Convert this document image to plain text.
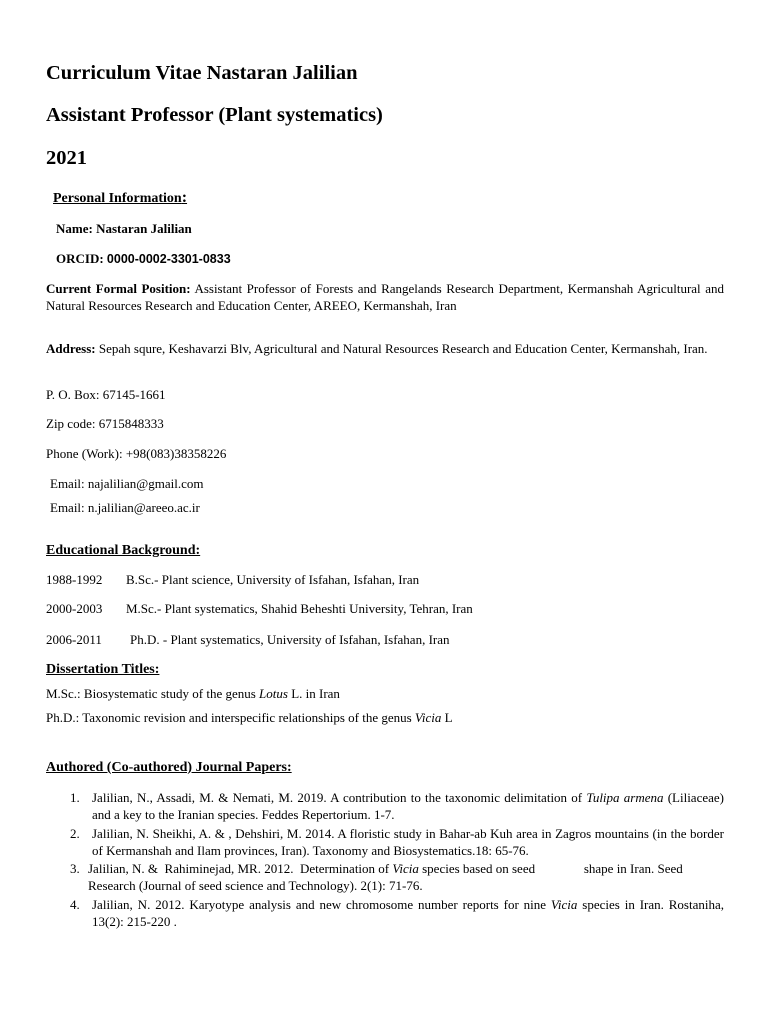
Curriculum Vitae Nastaran Jalilian
Assistant Professor (Plant systematics)
2021
Personal Information:
Name: Nastaran Jalilian
ORCID: 0000-0002-3301-0833
Current Formal Position: Assistant Professor of Forests and Rangelands Research Department, Kermanshah Agricultural and Natural Resources Research and Education Center, AREEO, Kermanshah, Iran
Address: Sepah squre, Keshavarzi Blv, Agricultural and Natural Resources Research and Education Center, Kermanshah, Iran.
P. O. Box: 67145-1661
Zip code: 6715848333
Phone (Work): +98(083)38358226
Email: najalilian@gmail.com
Email: n.jalilian@areeo.ac.ir
Educational Background:
1988-1992 B.Sc.- Plant science, University of Isfahan, Isfahan, Iran
2000-2003 M.Sc.- Plant systematics, Shahid Beheshti University, Tehran, Iran
2006-2011 Ph.D. - Plant systematics, University of Isfahan, Isfahan, Iran
Dissertation Titles:
M.Sc.: Biosystematic study of the genus Lotus L. in Iran
Ph.D.: Taxonomic revision and interspecific relationships of the genus Vicia L
Authored (Co-authored) Journal Papers:
1. Jalilian, N., Assadi, M. & Nemati, M. 2019. A contribution to the taxonomic delimitation of Tulipa armena (Liliaceae) and a key to the Iranian species. Feddes Repertorium. 1-7.
2. Jalilian, N. Sheikhi, A. & , Dehshiri, M. 2014. A floristic study in Bahar-ab Kuh area in Zagros mountains (in the border of Kermanshah and Ilam provinces, Iran). Taxonomy and Biosystematics.18: 65-76.
3. Jalilian, N. &  Rahiminejad, MR. 2012.  Determination of Vicia species based on seed               shape in Iran. Seed Research (Journal of seed science and Technology). 2(1): 71-76.
4. Jalilian, N. 2012. Karyotype analysis and new chromosome number reports for nine Vicia species in Iran. Rostaniha, 13(2): 215-220 .
